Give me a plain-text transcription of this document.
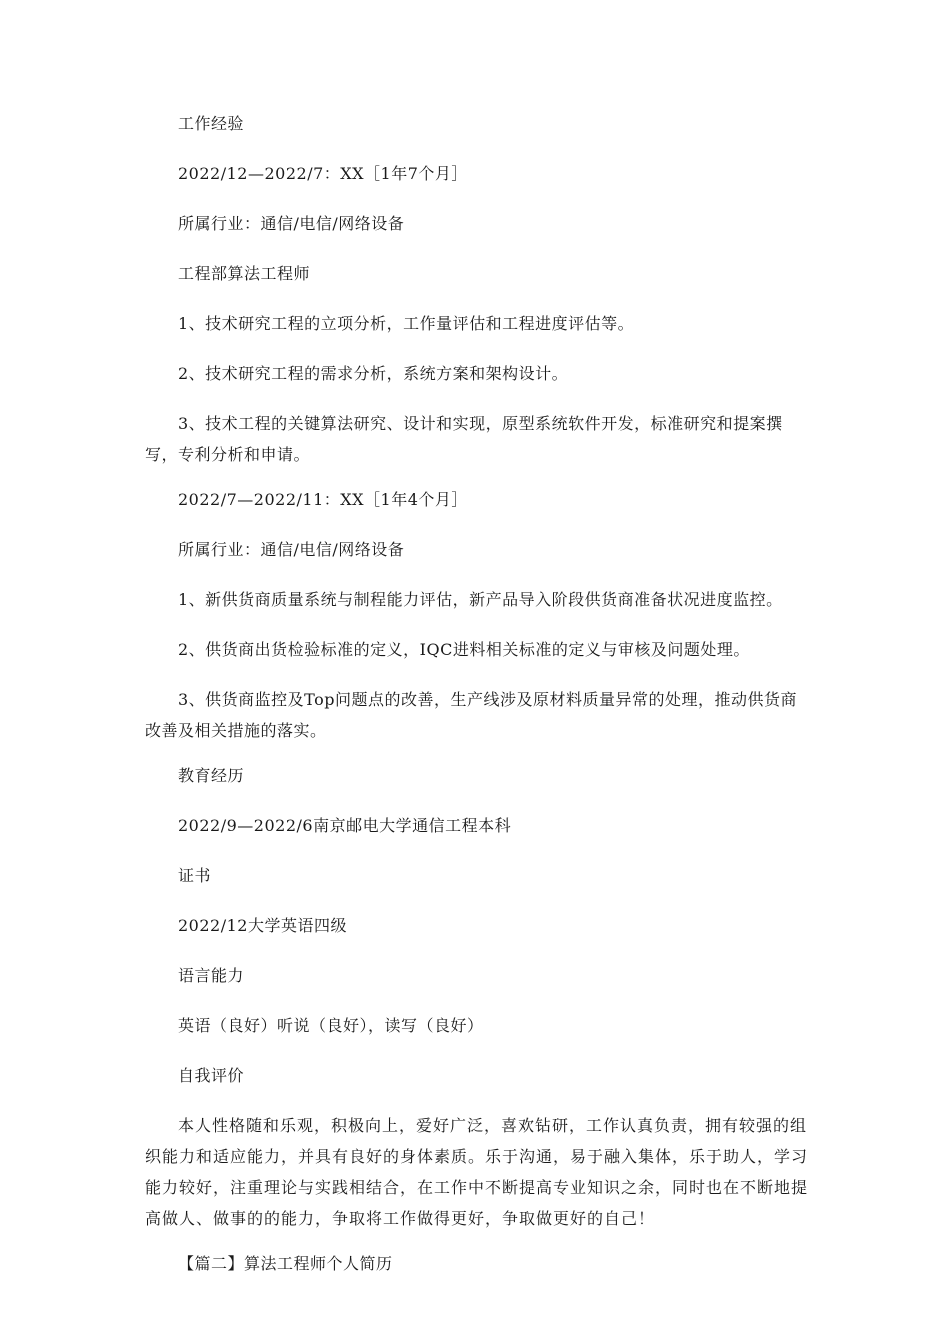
工作经验

2022/12—2022/7：XX［1年7个月］

所属行业：通信/电信/网络设备

工程部算法工程师

1、技术研究工程的立项分析，工作量评估和工程进度评估等。

2、技术研究工程的需求分析，系统方案和架构设计。

3、技术工程的关键算法研究、设计和实现，原型系统软件开发，标准研究和提案撰写，专利分析和申请。

2022/7—2022/11：XX［1年4个月］

所属行业：通信/电信/网络设备

1、新供货商质量系统与制程能力评估，新产品导入阶段供货商准备状况进度监控。

2、供货商出货检验标准的定义，IQC进料相关标准的定义与审核及问题处理。

3、供货商监控及Top问题点的改善，生产线涉及原材料质量异常的处理，推动供货商改善及相关措施的落实。

教育经历

2022/9—2022/6南京邮电大学通信工程本科

证书

2022/12大学英语四级

语言能力

英语（良好）听说（良好），读写（良好）

自我评价

本人性格随和乐观，积极向上，爱好广泛，喜欢钻研，工作认真负责，拥有较强的组织能力和适应能力，并具有良好的身体素质。乐于沟通，易于融入集体，乐于助人，学习能力较好，注重理论与实践相结合，在工作中不断提高专业知识之余，同时也在不断地提高做人、做事的的能力，争取将工作做得更好，争取做更好的自己！

【篇二】算法工程师个人简历
